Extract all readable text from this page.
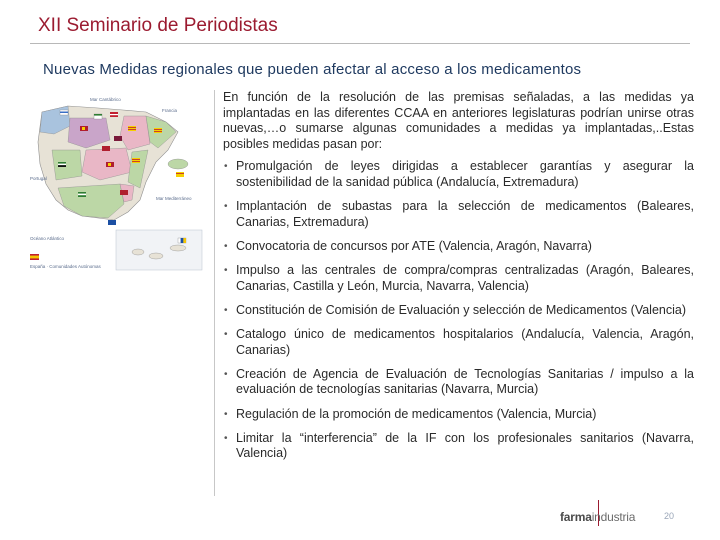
XII Seminario de Periodistas
Nuevas Medidas regionales que pueden afectar al acceso a los medicamentos
Mar Cantábrico
Francia
Mar Mediterráneo
Océano Atlántico
Portugal
España · Comunidades Autónomas

En función de la resolución de las premisas señaladas, a las medidas ya implantadas en las diferentes CCAA en anteriores legislaturas podrían unirse otras nuevas,…o sumarse algunas comunidades a medidas ya implantadas,..Estas posibles medidas pasan por:

• Promulgación de leyes dirigidas a establecer garantías y asegurar la sostenibilidad de la sanidad pública (Andalucía, Extremadura)
• Implantación de subastas para la selección de medicamentos (Baleares, Canarias, Extremadura)
• Convocatoria de concursos por ATE (Valencia, Aragón, Navarra)
• Impulso a las centrales de compra/compras centralizadas (Aragón, Baleares, Canarias, Castilla y León, Murcia, Navarra, Valencia)
• Constitución de Comisión de Evaluación y selección de Medicamentos (Valencia)
• Catalogo único de medicamentos hospitalarios (Andalucía, Valencia, Aragón, Canarias)
• Creación de Agencia de Evaluación de Tecnologías Sanitarias / impulso a la evaluación de tecnologías sanitarias (Navarra, Murcia)
• Regulación de la promoción de medicamentos (Valencia, Murcia)
• Limitar la “interferencia” de la IF con los profesionales sanitarios (Navarra, Valencia)
farmaindustria	20
